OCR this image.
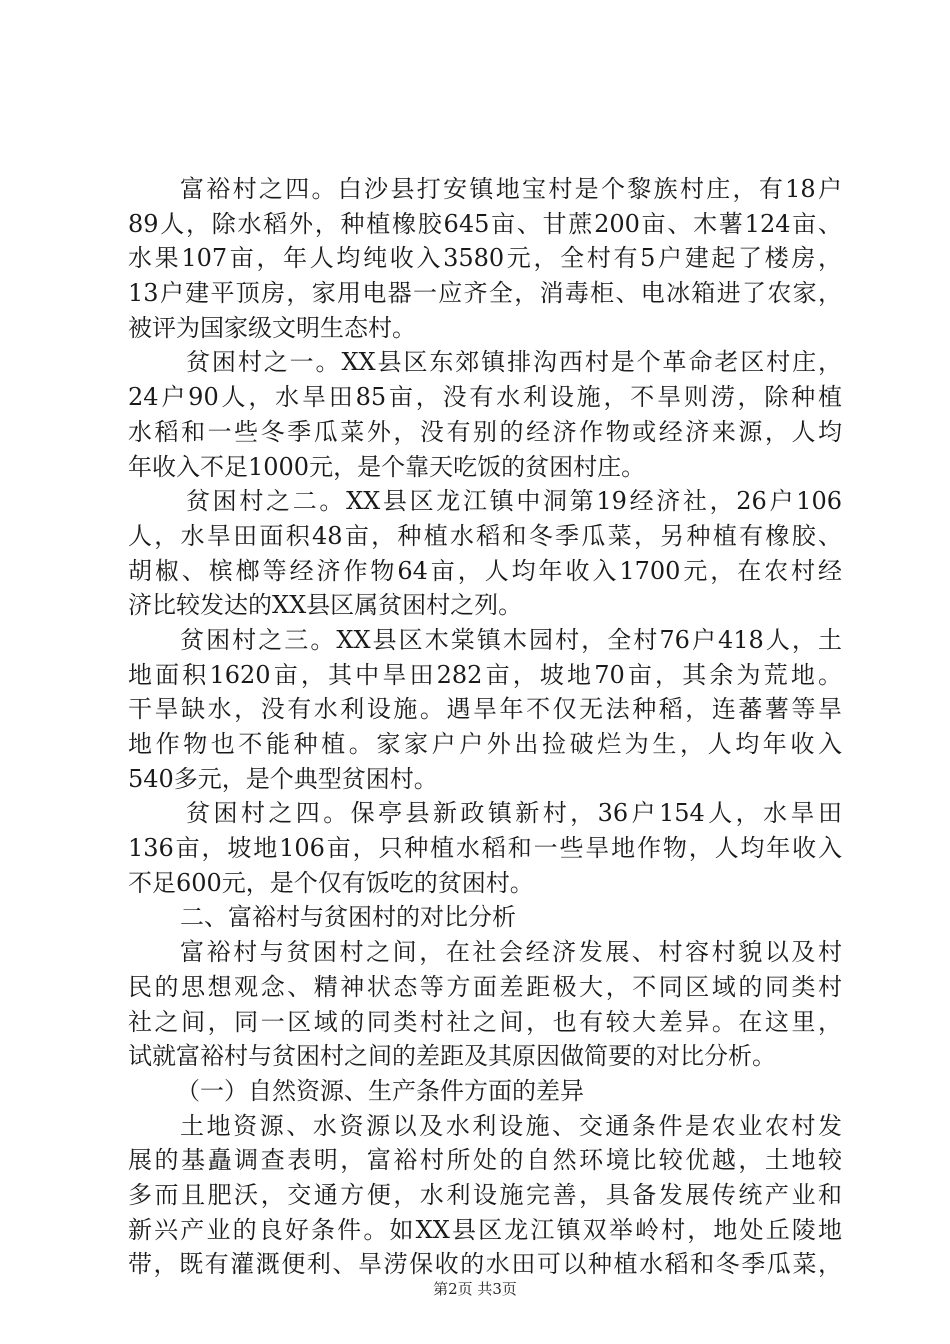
富裕村之四。白沙县打安镇地宝村是个黎族村庄，有18户
89人，除水稻外，种植橡胶645亩、甘蔗200亩、木薯124亩、
水果107亩，年人均纯收入3580元，全村有5户建起了楼房，
13户建平顶房，家用电器一应齐全，消毒柜、电冰箱进了农家，
被评为国家级文明生态村。
贫困村之一。XX县区东郊镇排沟西村是个革命老区村庄，
24户90人，水旱田85亩，没有水利设施，不旱则涝，除种植
水稻和一些冬季瓜菜外，没有别的经济作物或经济来源，人均
年收入不足1000元，是个靠天吃饭的贫困村庄。
贫困村之二。XX县区龙江镇中洞第19经济社，26户106
人，水旱田面积48亩，种植水稻和冬季瓜菜，另种植有橡胶、
胡椒、槟榔等经济作物64亩，人均年收入1700元，在农村经
济比较发达的XX县区属贫困村之列。
贫困村之三。XX县区木棠镇木园村，全村76户418人，土
地面积1620亩，其中旱田282亩，坡地70亩，其余为荒地。
干旱缺水，没有水利设施。遇旱年不仅无法种稻，连蕃薯等旱
地作物也不能种植。家家户户外出捡破烂为生，人均年收入
540多元，是个典型贫困村。
贫困村之四。保亭县新政镇新村，36户154人，水旱田
136亩，坡地106亩，只种植水稻和一些旱地作物，人均年收入
不足600元，是个仅有饭吃的贫困村。
二、富裕村与贫困村的对比分析
富裕村与贫困村之间，在社会经济发展、村容村貌以及村
民的思想观念、精神状态等方面差距极大，不同区域的同类村
社之间，同一区域的同类村社之间，也有较大差异。在这里，
试就富裕村与贫困村之间的差距及其原因做简要的对比分析。
（一）自然资源、生产条件方面的差异
土地资源、水资源以及水利设施、交通条件是农业农村发
展的基矗调查表明，富裕村所处的自然环境比较优越，土地较
多而且肥沃，交通方便，水利设施完善，具备发展传统产业和
新兴产业的良好条件。如XX县区龙江镇双举岭村，地处丘陵地
带，既有灌溉便利、旱涝保收的水田可以种植水稻和冬季瓜菜，
第2页 共3页
